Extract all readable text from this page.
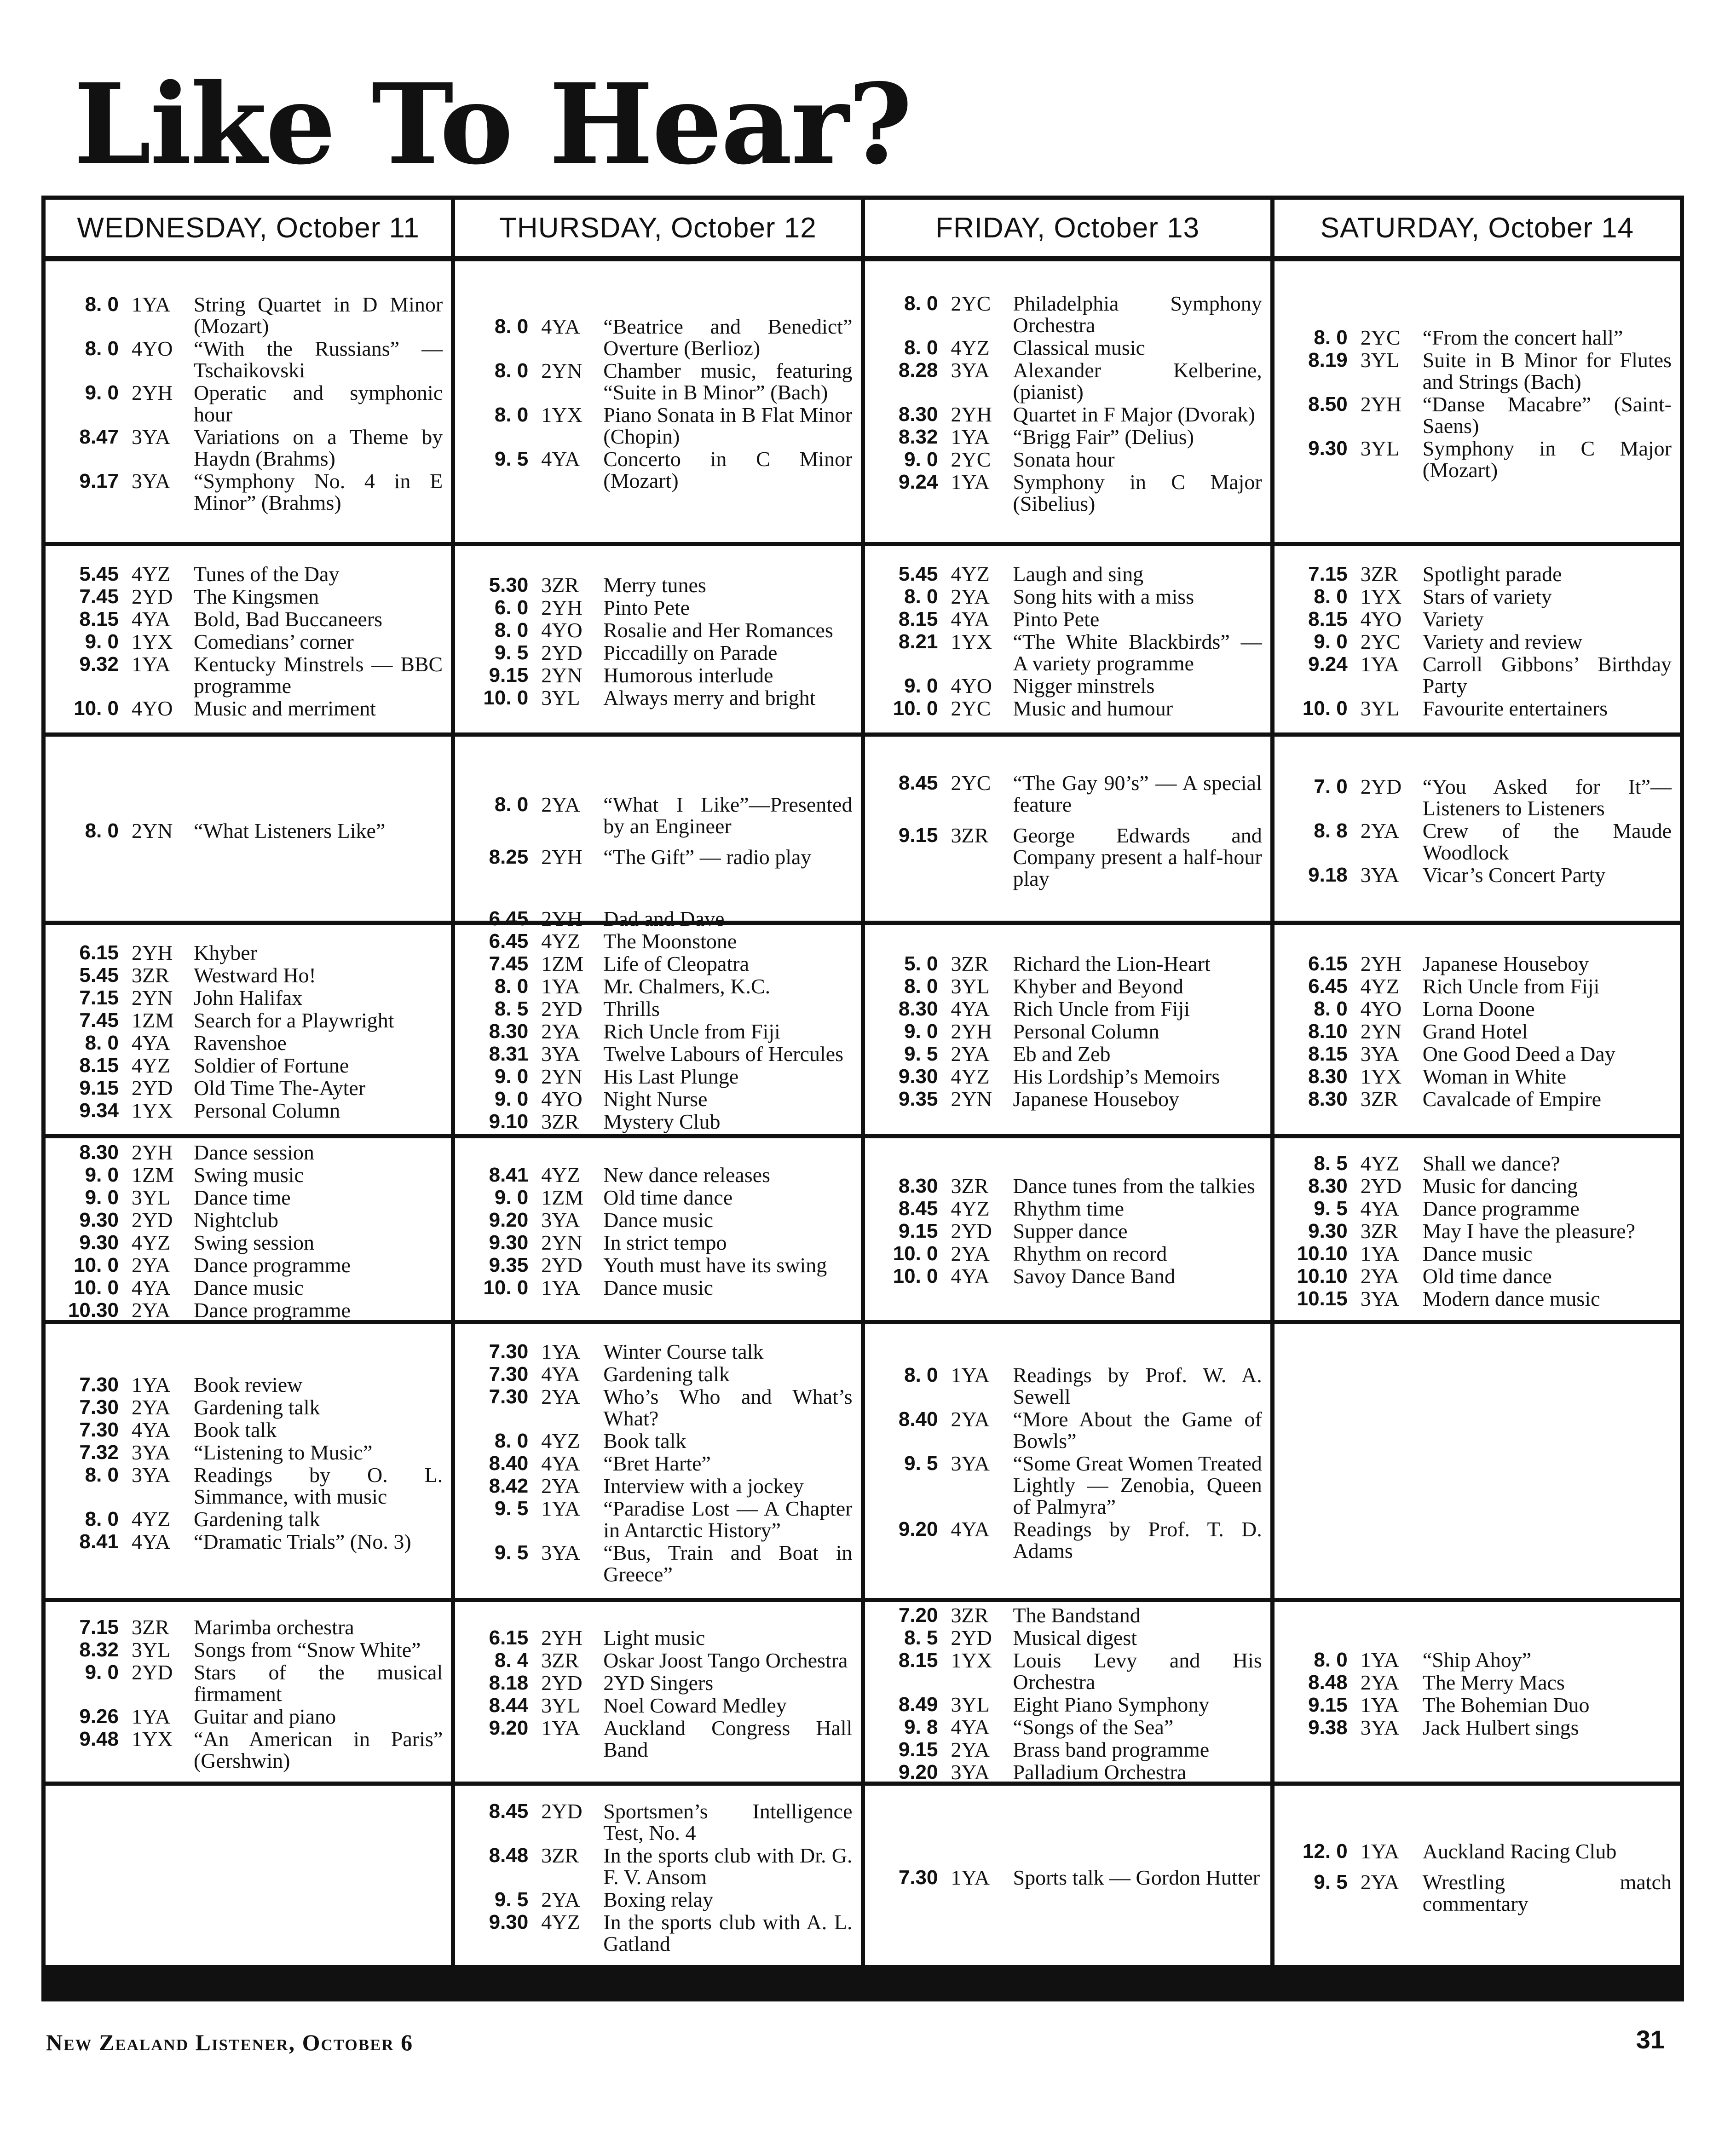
Like To Hear?
WEDNESDAY, October 11	THURSDAY, October 12	FRIDAY, October 13	SATURDAY, October 14
8. 0 1YA	String Quartet in D Minor (Mozart)
8. 0 4YO “With the Russians” —Tschaikovski
9. 0 2YH Operatic and symphonic hour
8.47 3YA	Variations on a Theme by Haydn (Brahms)
9.17 3YA	“Symphony No. 4 in E Minor” (Brahms)
8. 0 4YA	“Beatrice and Benedict” Overture (Berlioz)
8. 0 2YN Chamber music, featuring “Suite in B Minor” (Bach)
8. 0 1YX Piano Sonata in B Flat Minor (Chopin)
9. 5 4YA	Concerto in C Minor (Mozart)
8. 0 2YC	Philadelphia Symphony Orchestra
8. 0 4YZ	Classical music
8.28 3YA	Alexander Kelberine, (pianist)
8.30 2YH Quartet in F Major (Dvorak)
8.32 1YA	“Brigg Fair” (Delius)
9. 0 2YC	Sonata hour
9.24 1YA	Symphony in C Major (Sibelius)
8. 0 2YC	“From the concert hall”
8.19 3YL	Suite in B Minor for Flutes and Strings (Bach)
8.50 2YH “Danse Macabre” (Saint-Saens)
9.30 3YL	Symphony in C Major (Mozart)
5.45 4YZ	Tunes of the Day
7.45 2YD The Kingsmen
8.15 4YA	Bold, Bad Buccaneers
9. 0 1YX Comedians’ corner
9.32 1YA	Kentucky Minstrels — BBC programme
10. 0 4YO Music and merriment
5.30 3ZR	Merry tunes
6. 0 2YH Pinto Pete
8. 0 4YO Rosalie and Her Romances
9. 5 2YD Piccadilly on Parade
9.15 2YN Humorous interlude
10. 0 3YL	Always merry and bright
5.45 4YZ	Laugh and sing
8. 0 2YA	Song hits with a miss
8.15 4YA	Pinto Pete
8.21 1YX “The White Blackbirds” — A variety programme
9. 0 4YO Nigger minstrels
10. 0 2YC	Music and humour
7.15 3ZR	Spotlight parade
8. 0 1YX Stars of variety
8.15 4YO Variety
9. 0 2YC	Variety and review
9.24 1YA	Carroll Gibbons’ Birthday Party
10. 0 3YL	Favourite entertainers
8. 0 2YN “What Listeners Like”
8. 0 2YA	“What I Like”—Presented by an Engineer
8.25 2YH “The Gift” — radio play
8.45 2YC	“The Gay 90’s” — A special feature
9.15 3ZR	George Edwards and Company present a half-hour play
7. 0 2YD “You Asked for It”— Listeners to Listeners
8. 8 2YA	Crew of the Maude Woodlock
9.18 3YA	Vicar’s Concert Party
6.15 2YH Khyber
5.45 3ZR	Westward Ho!
7.15 2YN John Halifax
7.45 1ZM Search for a Playwright
8. 0 4YA	Ravenshoe
8.15 4YZ	Soldier of Fortune
9.15 2YD Old Time The-Ayter
9.34 1YX Personal Column
6.45 2YH Dad and Dave
6.45 4YZ	The Moonstone
7.45 1ZM Life of Cleopatra
8. 0 1YA	Mr. Chalmers, K.C.
8. 5 2YD Thrills
8.30 2YA	Rich Uncle from Fiji
8.31 3YA	Twelve Labours of Hercules
9. 0 2YN His Last Plunge
9. 0 4YO Night Nurse
9.10 3ZR	Mystery Club
5. 0 3ZR	Richard the Lion-Heart
8. 0 3YL	Khyber and Beyond
8.30 4YA	Rich Uncle from Fiji
9. 0 2YH Personal Column
9. 5 2YA	Eb and Zeb
9.30 4YZ	His Lordship’s Memoirs
9.35 2YN Japanese Houseboy
6.15 2YH Japanese Houseboy
6.45 4YZ	Rich Uncle from Fiji
8. 0 4YO Lorna Doone
8.10 2YN Grand Hotel
8.15 3YA	One Good Deed a Day
8.30 1YX Woman in White
8.30 3ZR	Cavalcade of Empire
8.30 2YH Dance session
9. 0 1ZM Swing music
9. 0 3YL	Dance time
9.30 2YD Nightclub
9.30 4YZ	Swing session
10. 0 2YA	Dance programme
10. 0 4YA	Dance music
10.30 2YA	Dance programme
8.41 4YZ	New dance releases
9. 0 1ZM Old time dance
9.20 3YA	Dance music
9.30 2YN In strict tempo
9.35 2YD Youth must have its swing
10. 0 1YA	Dance music
8.30 3ZR	Dance tunes from the talkies
8.45 4YZ	Rhythm time
9.15 2YD Supper dance
10. 0 2YA	Rhythm on record
10. 0 4YA	Savoy Dance Band
8. 5 4YZ	Shall we dance?
8.30 2YD Music for dancing
9. 5 4YA	Dance programme
9.30 3ZR	May I have the pleasure?
10.10 1YA	Dance music
10.10 2YA	Old time dance
10.15 3YA	Modern dance music
7.30 1YA	Book review
7.30 2YA	Gardening talk
7.30 4YA	Book talk
7.32 3YA	“Listening to Music”
8. 0 3YA	Readings by O. L. Simmance, with music
8. 0 4YZ	Gardening talk
8.41 4YA	“Dramatic Trials” (No. 3)
7.30 1YA	Winter Course talk
7.30 4YA	Gardening talk
7.30 2YA	Who’s Who and What’s What?
8. 0 4YZ	Book talk
8.40 4YA	“Bret Harte”
8.42 2YA	Interview with a jockey
9. 5 1YA	“Paradise Lost — A Chapter in Antarctic History”
9. 5 3YA	“Bus, Train and Boat in Greece”
8. 0 1YA	Readings by Prof. W. A. Sewell
8.40 2YA	“More About the Game of Bowls”
9. 5 3YA	“Some Great Women Treated Lightly — Zenobia, Queen of Palmyra”
9.20 4YA	Readings by Prof. T. D. Adams
7.15 3ZR	Marimba orchestra
8.32 3YL	Songs from “Snow White”
9. 0 2YD Stars of the musical firmament
9.26 1YA	Guitar and piano
9.48 1YX “An American in Paris” (Gershwin)
6.15 2YH Light music
8. 4 3ZR	Oskar Joost Tango Orchestra
8.18 2YD 2YD Singers
8.44 3YL	Noel Coward Medley
9.20 1YA	Auckland Congress Hall Band
7.20 3ZR	The Bandstand
8. 5 2YD Musical digest
8.15 1YX Louis Levy and His Orchestra
8.49 3YL	Eight Piano Symphony
9. 8 4YA	“Songs of the Sea”
9.15 2YA	Brass band programme
9.20 3YA	Palladium Orchestra
8. 0 1YA	“Ship Ahoy”
8.48 2YA	The Merry Macs
9.15 1YA	The Bohemian Duo
9.38 3YA	Jack Hulbert sings
8.45 2YD Sportsmen’s Intelligence Test, No. 4
8.48 3ZR	In the sports club with Dr. G. F. V. Ansom
9. 5 2YA	Boxing relay
9.30 4YZ	In the sports club with A. L. Gatland
7.30 1YA	Sports talk — Gordon Hutter
12. 0 1YA	Auckland Racing Club
9. 5 2YA	Wrestling match commentary
New Zealand Listener, October 6	31
